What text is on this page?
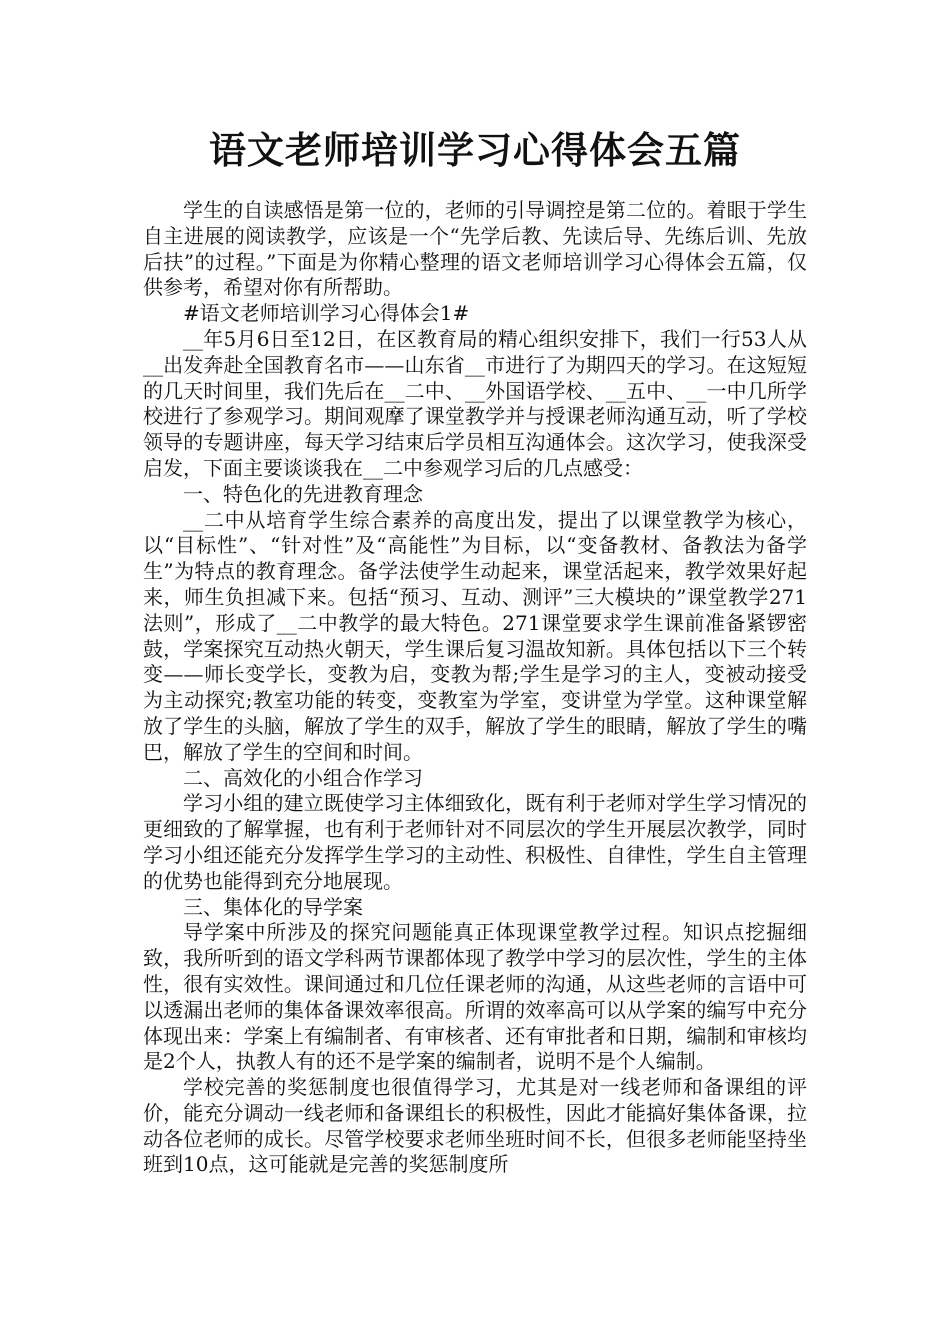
语文老师培训学习心得体会五篇

学生的自读感悟是第一位的，老师的引导调控是第二位的。着眼于学生自主进展的阅读教学，应该是一个“先学后教、先读后导、先练后训、先放后扶”的过程。”下面是为你精心整理的语文老师培训学习心得体会五篇，仅供参考，希望对你有所帮助。

#语文老师培训学习心得体会1#

__年5月6日至12日，在区教育局的精心组织安排下，我们一行53人从__出发奔赴全国教育名市——山东省__市进行了为期四天的学习。在这短短的几天时间里，我们先后在__二中、__外国语学校、__五中、__一中几所学校进行了参观学习。期间观摩了课堂教学并与授课老师沟通互动，听了学校领导的专题讲座，每天学习结束后学员相互沟通体会。这次学习，使我深受启发，下面主要谈谈我在__二中参观学习后的几点感受：

一、特色化的先进教育理念

__二中从培育学生综合素养的高度出发，提出了以课堂教学为核心，以“目标性”、“针对性”及“高能性”为目标，以“变备教材、备教法为备学生”为特点的教育理念。备学法使学生动起来，课堂活起来，教学效果好起来，师生负担减下来。包括“预习、互动、测评”三大模块的”课堂教学271法则”，形成了__二中教学的最大特色。271课堂要求学生课前准备紧锣密鼓，学案探究互动热火朝天，学生课后复习温故知新。具体包括以下三个转变——师长变学长，变教为启，变教为帮;学生是学习的主人，变被动接受为主动探究;教室功能的转变，变教室为学室，变讲堂为学堂。这种课堂解放了学生的头脑，解放了学生的双手，解放了学生的眼睛，解放了学生的嘴巴，解放了学生的空间和时间。

二、高效化的小组合作学习

学习小组的建立既使学习主体细致化，既有利于老师对学生学习情况的更细致的了解掌握，也有利于老师针对不同层次的学生开展层次教学，同时学习小组还能充分发挥学生学习的主动性、积极性、自律性，学生自主管理的优势也能得到充分地展现。

三、集体化的导学案

导学案中所涉及的探究问题能真正体现课堂教学过程。知识点挖掘细致，我所听到的语文学科两节课都体现了教学中学习的层次性，学生的主体性，很有实效性。课间通过和几位任课老师的沟通，从这些老师的言语中可以透漏出老师的集体备课效率很高。所谓的效率高可以从学案的编写中充分体现出来：学案上有编制者、有审核者、还有审批者和日期，编制和审核均是2个人，执教人有的还不是学案的编制者，说明不是个人编制。

学校完善的奖惩制度也很值得学习，尤其是对一线老师和备课组的评价，能充分调动一线老师和备课组长的积极性，因此才能搞好集体备课，拉动各位老师的成长。尽管学校要求老师坐班时间不长，但很多老师能坚持坐班到10点，这可能就是完善的奖惩制度所
